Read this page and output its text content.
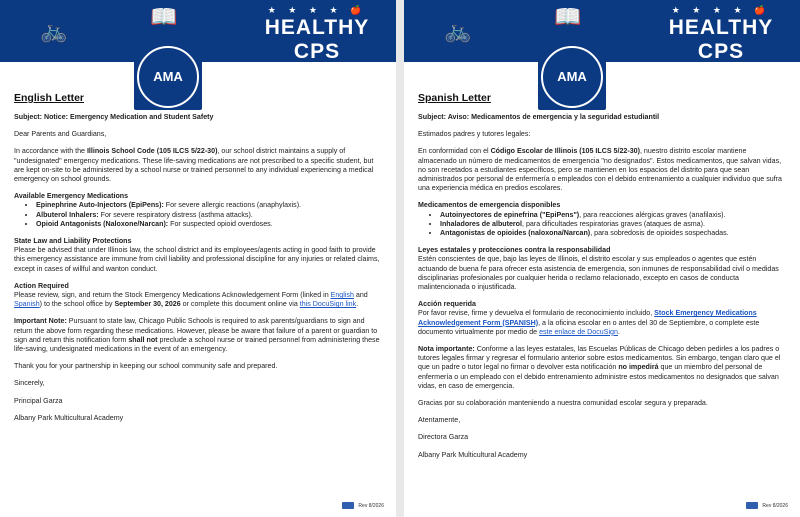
🚲
📖	★ ★ ★ ★ 🍎
HEALTHY CPS
OFFICE OF STUDENT HEALTH & WELLNESS
AMA
English Letter

Subject: Notice: Emergency Medication and Student Safety

Dear Parents and Guardians,

In accordance with the Illinois School Code (105 ILCS 5/22-30), our school district maintains a supply of "undesignated" emergency medications. These life-saving medications are not prescribed to a specific student, but are kept on-site to be administered by a school nurse or trained personnel to any individual experiencing a medical emergency on school grounds.

Available Emergency Medications
• Epinephrine Auto-Injectors (EpiPens): For severe allergic reactions (anaphylaxis).
• Albuterol Inhalers: For severe respiratory distress (asthma attacks).
• Opioid Antagonists (Naloxone/Narcan): For suspected opioid overdoses.
State Law and Liability Protections

Please be advised that under Illinois law, the school district and its employees/agents acting in good faith to provide this emergency assistance are immune from civil liability and professional discipline for any injuries or related claims, except in cases of willful and wanton conduct.

Action Required

Please review, sign, and return the Stock Emergency Medications Acknowledgement Form (linked in English and Spanish) to the school office by September 30, 2026 or complete this document online via this DocuSign link.

Important Note: Pursuant to state law, Chicago Public Schools is required to ask parents/guardians to sign and return the above form regarding these medications. However, please be aware that failure of a parent or guardian to sign and return this notification form shall not preclude a school nurse or trained personnel from administering these life-saving, undesignated medications in the event of an emergency.

Thank you for your partnership in keeping our school community safe and prepared.

Sincerely,

Principal Garza

Albany Park Multicultural Academy

Rev 8/2026
🚲
📖	★ ★ ★ ★ 🍎
HEALTHY CPS
OFFICE OF STUDENT HEALTH & WELLNESS
AMA
Spanish Letter

Subject: Aviso: Medicamentos de emergencia y la seguridad estudiantil

Estimados padres y tutores legales:

En conformidad con el Código Escolar de Illinois (105 ILCS 5/22-30), nuestro distrito escolar mantiene almacenado un número de medicamentos de emergencia "no designados". Estos medicamentos, que salvan vidas, no son recetados a estudiantes específicos, pero se mantienen en los espacios del distrito para que sean administrados por personal de enfermería o empleados con el debido entrenamiento a cualquier individuo que sufra una experiencia médica en predios escolares.

Medicamentos de emergencia disponibles
• Autoinyectores de epinefrina ("EpiPens"), para reacciones alérgicas graves (anafilaxis).
• Inhaladores de albuterol, para dificultades respiratorias graves (ataques de asma).
• Antagonistas de opioides (naloxona/Narcan), para sobredosis de opioides sospechadas.
Leyes estatales y protecciones contra la responsabilidad

Estén conscientes de que, bajo las leyes de Illinois, el distrito escolar y sus empleados o agentes que estén actuando de buena fe para ofrecer esta asistencia de emergencia, son inmunes de responsabilidad civil o medidas disciplinarias profesionales por cualquier herida o reclamo relacionado, excepto en casos de conducta malintencionada o injustificada.

Acción requerida

Por favor revise, firme y devuelva el formulario de reconocimiento incluido, Stock Emergency Medications Acknowledgement Form (SPANISH), a la oficina escolar en o antes del 30 de Septiembre, o complete este documento virtualmente por medio de este enlace de DocuSign.

Nota importante: Conforme a las leyes estatales, las Escuelas Públicas de Chicago deben pedirles a los padres o tutores legales firmar y regresar el formulario anterior sobre estos medicamentos. Sin embargo, tengan claro que el que un padre o tutor legal no firmar o devolver esta notificación no impedirá que un miembro del personal de enfermería o un empleado con el debido entrenamiento administre estos medicamentos no designados que salvan vidas, en caso de emergencia.

Gracias por su colaboración manteniendo a nuestra comunidad escolar segura y preparada.

Atentamente,

Directora Garza

Albany Park Multicultural Academy

Rev 8/2026
